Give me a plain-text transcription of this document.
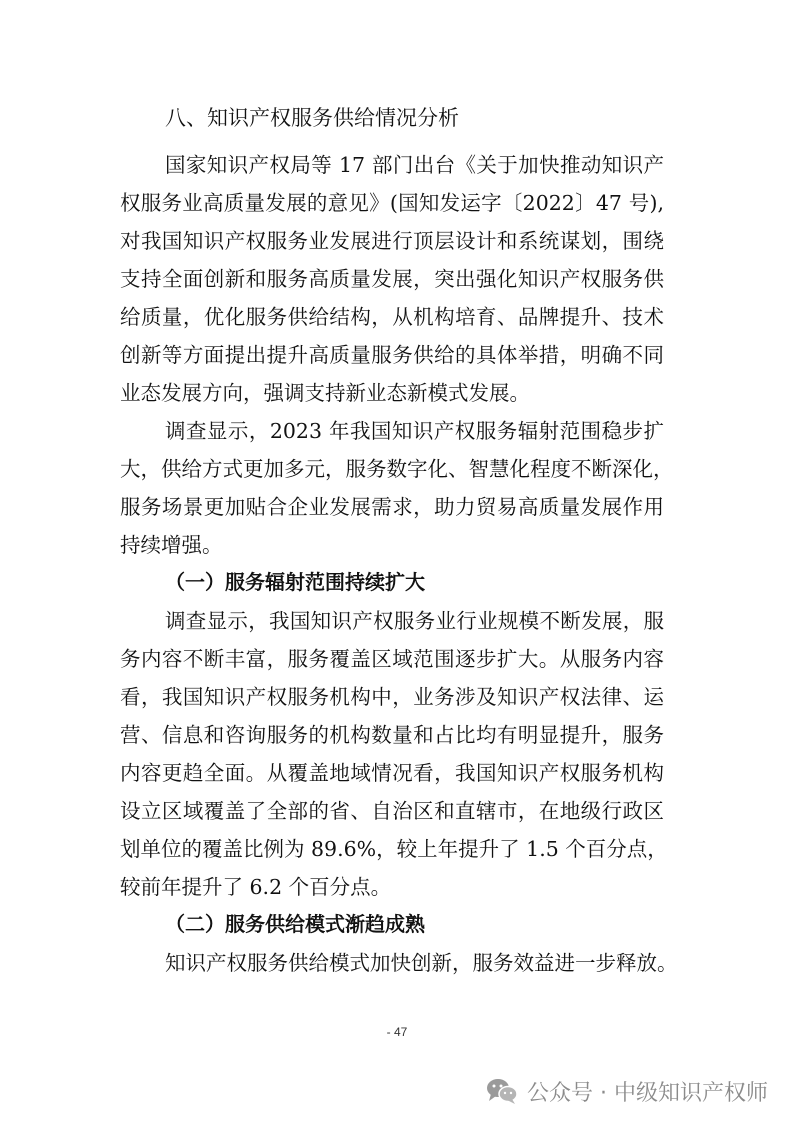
八、知识产权服务供给情况分析

国家知识产权局等 17 部门出台《关于加快推动知识产

权服务业高质量发展的意见》(国知发运字〔2022〕47 号),

对我国知识产权服务业发展进行顶层设计和系统谋划，围绕

支持全面创新和服务高质量发展，突出强化知识产权服务供

给质量，优化服务供给结构，从机构培育、品牌提升、技术

创新等方面提出提升高质量服务供给的具体举措，明确不同

业态发展方向，强调支持新业态新模式发展。

调查显示，2023 年我国知识产权服务辐射范围稳步扩

大，供给方式更加多元，服务数字化、智慧化程度不断深化，

服务场景更加贴合企业发展需求，助力贸易高质量发展作用

持续增强。

（一）服务辐射范围持续扩大

调查显示，我国知识产权服务业行业规模不断发展，服

务内容不断丰富，服务覆盖区域范围逐步扩大。从服务内容

看，我国知识产权服务机构中，业务涉及知识产权法律、运

营、信息和咨询服务的机构数量和占比均有明显提升，服务

内容更趋全面。从覆盖地域情况看，我国知识产权服务机构

设立区域覆盖了全部的省、自治区和直辖市，在地级行政区

划单位的覆盖比例为 89.6%，较上年提升了 1.5 个百分点，

较前年提升了 6.2 个百分点。

（二）服务供给模式渐趋成熟

知识产权服务供给模式加快创新，服务效益进一步释放。

- 47
公众号 · 中级知识产权师
